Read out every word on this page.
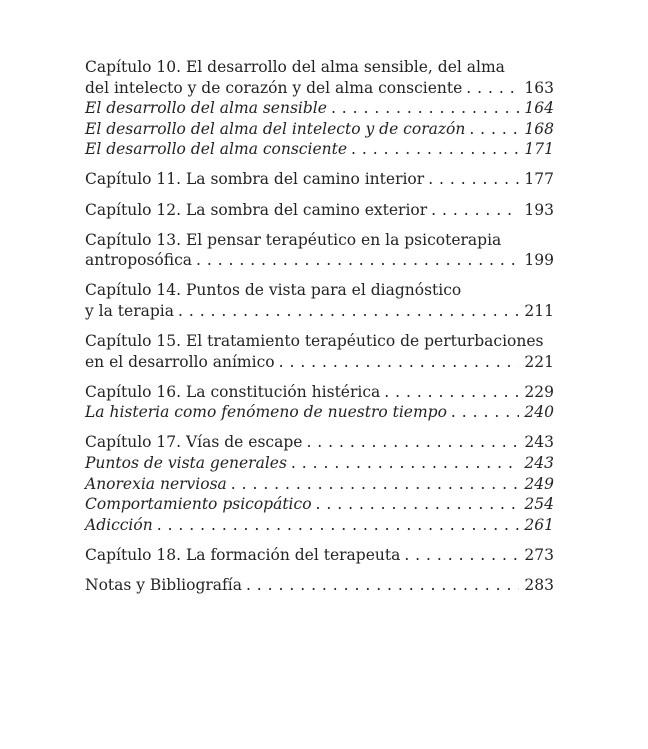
Capítulo 10. El desarrollo del alma sensible, del alma
del intelecto y de corazón y del alma consciente . . .	163
El desarrollo del alma sensible . . .	164
El desarrollo del alma del intelecto y de corazón . . .	168
El desarrollo del alma consciente . . .	171
Capítulo 11. La sombra del camino interior . . .	177
Capítulo 12. La sombra del camino exterior . . .	193
Capítulo 13. El pensar terapéutico en la psicoterapia
antroposófica . . .	199
Capítulo 14. Puntos de vista para el diagnóstico
y la terapia . . .	211
Capítulo 15. El tratamiento terapéutico de perturbaciones
en el desarrollo anímico . . .	221
Capítulo 16. La constitución histérica . . .	229
La histeria como fenómeno de nuestro tiempo . . .	240
Capítulo 17. Vías de escape . . .	243
Puntos de vista generales . . .	243
Anorexia nerviosa . . .	249
Comportamiento psicopático . . .	254
Adicción . . .	261
Capítulo 18. La formación del terapeuta . . .	273
Notas y Bibliografía . . .	283
